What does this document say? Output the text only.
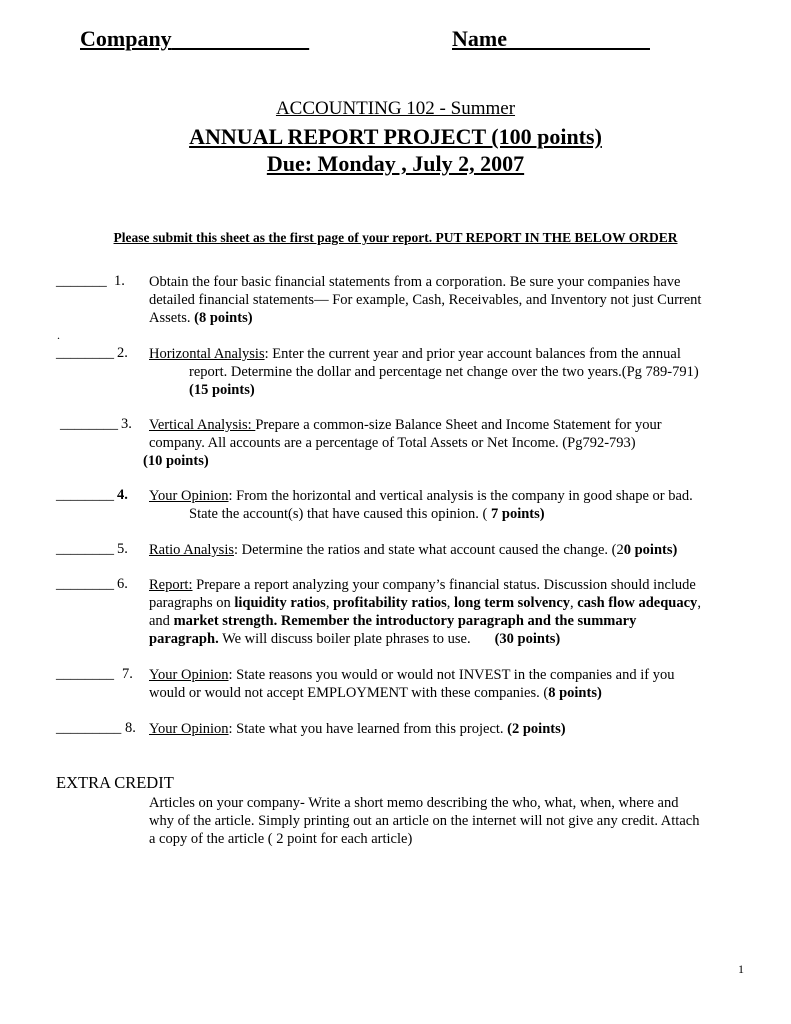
Company	Name
ACCOUNTING 102 - Summer
ANNUAL REPORT PROJECT (100 points)
Due: Monday , July 2, 2007
Please submit this sheet as the first page of your report. PUT REPORT IN THE BELOW ORDER
_______ 1. Obtain the four basic financial statements from a corporation. Be sure your companies have
detailed financial statements— For example, Cash, Receivables, and Inventory not just Current
Assets. (8 points)
.
________ 2. Horizontal Analysis: Enter the current year and prior year account balances from the annual
report. Determine the dollar and percentage net change over the two years.(Pg 789-791)
(15 points)
________ 3. Vertical Analysis: Prepare a common-size Balance Sheet and Income Statement for your
company. All accounts are a percentage of Total Assets or Net Income. (Pg792-793)
(10 points)
________ 4. Your Opinion: From the horizontal and vertical analysis is the company in good shape or bad.
State the account(s) that have caused this opinion. ( 7 points)
________ 5. Ratio Analysis: Determine the ratios and state what account caused the change. (20 points)
________ 6. Report: Prepare a report analyzing your company’s financial status. Discussion should include
paragraphs on liquidity ratios, profitability ratios, long term solvency, cash flow adequacy,
and market strength. Remember the introductory paragraph and the summary
paragraph. We will discuss boiler plate phrases to use. (30 points)
________ 7. Your Opinion: State reasons you would or would not INVEST in the companies and if you
would or would not accept EMPLOYMENT with these companies. (8 points)
_________ 8. Your Opinion: State what you have learned from this project. (2 points)
EXTRA CREDIT
Articles on your company- Write a short memo describing the who, what, when, where and
why of the article. Simply printing out an article on the internet will not give any credit. Attach
a copy of the article ( 2 point for each article)
1
